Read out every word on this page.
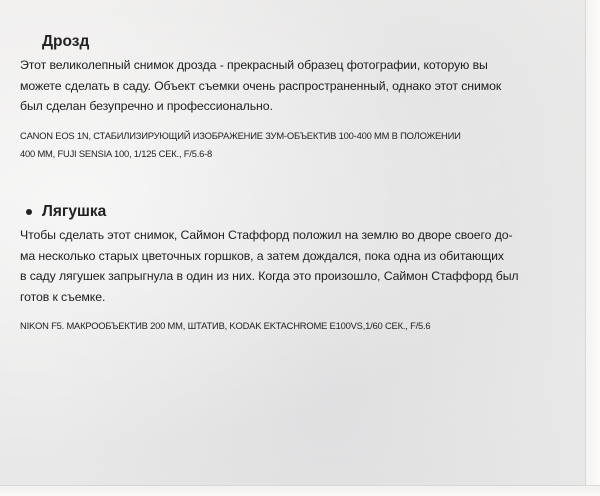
Дрозд

Этот великолепный снимок дрозда - прекрасный образец фотографии, которую вы
можете сделать в саду. Объект съемки очень распространенный, однако этот снимок
был сделан безупречно и профессионально.

CANON EOS 1N, СТАБИЛИЗИРУЮЩИЙ ИЗОБРАЖЕНИЕ ЗУМ-ОБЪЕКТИВ 100-400 ММ В ПОЛОЖЕНИИ
400 ММ, FUJI SENSIA 100, 1/125 СЕК., F/5.6-8

Лягушка

Чтобы сделать этот снимок, Саймон Стаффорд положил на землю во дворе своего до-
ма несколько старых цветочных горшков, а затем дождался, пока одна из обитающих
в саду лягушек запрыгнула в один из них. Когда это произошло, Саймон Стаффорд был
готов к съемке.

NIKON F5. МАКРООБЪЕКТИВ 200 ММ, ШТАТИВ, KODAK EKTACHROME E100VS,1/60 СЕК., F/5.6
